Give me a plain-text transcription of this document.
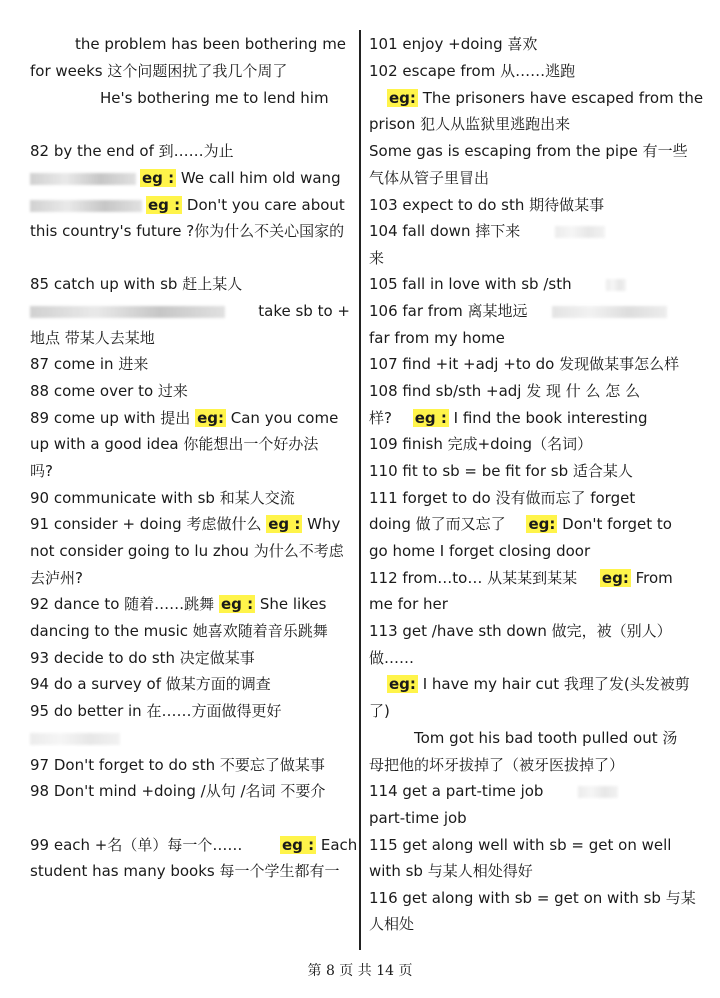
the problem has been bothering me
for weeks 这个问题困扰了我几个周了
He's bothering me to lend him
82 by the end of 到……为止
eg : We call him old wang
eg : Don't you care about
this country's future ?你为什么不关心国家的
85 catch up with sb 赶上某人
take sb to +
地点 带某人去某地
87 come in 进来
88 come over to 过来
89 come up with 提出 eg: Can you come
up with a good idea 你能想出一个好办法
吗?
90 communicate with sb 和某人交流
91 consider + doing 考虑做什么 eg : Why
not consider going to lu zhou 为什么不考虑
去泸州?
92 dance to 随着……跳舞 eg : She likes
dancing to the music 她喜欢随着音乐跳舞
93 decide to do sth 决定做某事
94 do a survey of 做某方面的调查
95 do better in 在……方面做得更好
97 Don't forget to do sth 不要忘了做某事
98 Don't mind +doing /从句 /名词 不要介
99 each +名（单）每一个……	eg : Each
student has many books 每一个学生都有一
101 enjoy +doing 喜欢
102 escape from 从……逃跑
eg: The prisoners have escaped from the
prison 犯人从监狱里逃跑出来
Some gas is escaping from the pipe 有一些
气体从管子里冒出
103 expect to do sth 期待做某事
104 fall down 摔下来
来
105 fall in love with sb /sth
106 far from 离某地远
far from my home
107 find +it +adj +to do 发现做某事怎么样
108 find sb/sth +adj 发 现 什 么 怎 么
样? eg : I find the book interesting
109 finish 完成+doing（名词）
110 fit to sb = be fit for sb 适合某人
111 forget to do 没有做而忘了 forget
doing 做了而又忘了 eg: Don't forget to
go home I forget closing door
112 from…to… 从某某到某某 eg: From
me for her
113 get /have sth down 做完，被（别人）
做……
eg: I have my hair cut 我理了发(头发被剪
了)
Tom got his bad tooth pulled out 汤
母把他的坏牙拔掉了（被牙医拔掉了）
114 get a part-time job
part-time job
115 get along well with sb = get on well
with sb 与某人相处得好
116 get along with sb = get on with sb 与某
人相处
第 8 页 共 14 页
